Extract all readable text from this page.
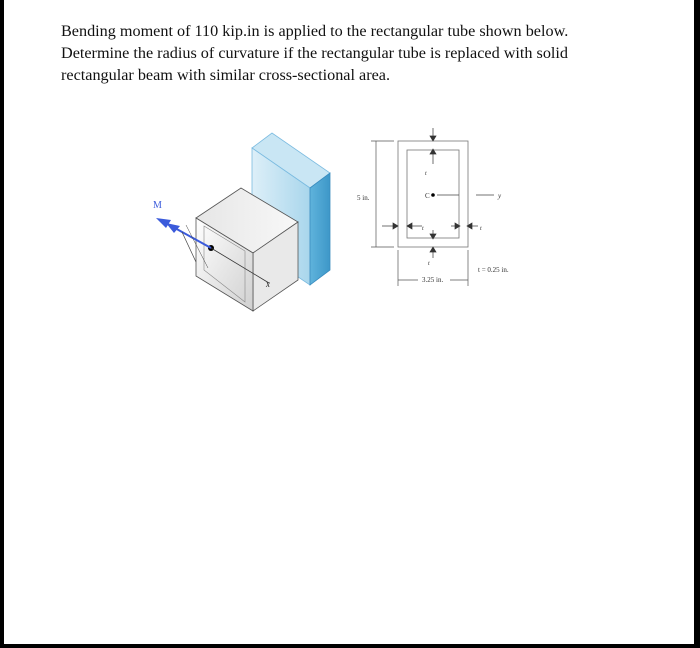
Bending moment of 110 kip.in is applied to the rectangular tube shown below.

Determine the radius of curvature if the rectangular tube is replaced with solid

rectangular beam with similar cross-sectional area.

M
x
5 in.	C	y
t
t	t
t
3.25 in.
t = 0.25 in.
